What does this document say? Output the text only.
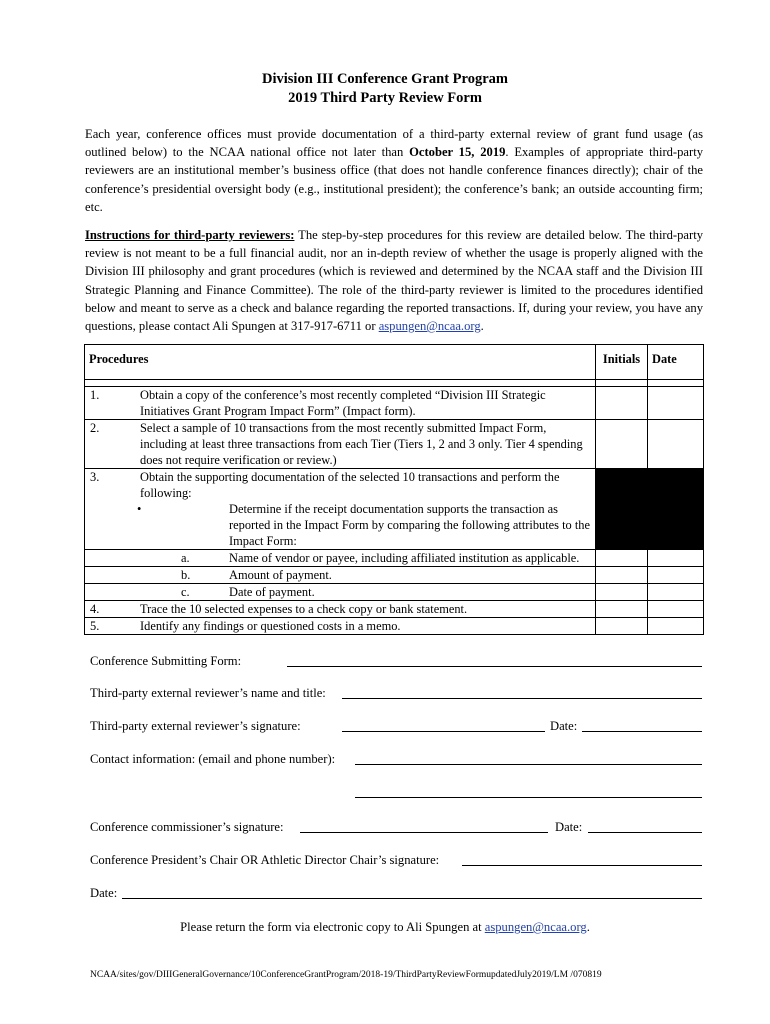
Division III Conference Grant Program
2019 Third Party Review Form
Each year, conference offices must provide documentation of a third-party external review of grant fund usage (as outlined below) to the NCAA national office not later than October 15, 2019. Examples of appropriate third-party reviewers are an institutional member’s business office (that does not handle conference finances directly); chair of the conference’s presidential oversight body (e.g., institutional president); the conference’s bank; an outside accounting firm; etc.
Instructions for third-party reviewers: The step-by-step procedures for this review are detailed below. The third-party review is not meant to be a full financial audit, nor an in-depth review of whether the usage is properly aligned with the Division III philosophy and grant procedures (which is reviewed and determined by the NCAA staff and the Division III Strategic Planning and Finance Committee). The role of the third-party reviewer is limited to the procedures identified below and meant to serve as a check and balance regarding the reported transactions. If, during your review, you have any questions, please contact Ali Spungen at 317-917-6711 or aspungen@ncaa.org.
Procedures	Initials	Date

1. Obtain a copy of the conference’s most recently completed “Division III Strategic Initiatives Grant Program Impact Form” (Impact form).		

2. Select a sample of 10 transactions from the most recently submitted Impact Form, including at least three transactions from each Tier (Tiers 1, 2 and 3 only. Tier 4 spending does not require verification or review.)		

3. Obtain the supporting documentation of the selected 10 transactions and perform the following:		

• Determine if the receipt documentation supports the transaction as reported in the Impact Form by comparing the following attributes to the Impact Form:		

a. Name of vendor or payee, including affiliated institution as applicable.		

b. Amount of payment.		

c. Date of payment.		

4. Trace the 10 selected expenses to a check copy or bank statement.		

5. Identify any findings or questioned costs in a memo.		

Conference Submitting Form:
Third-party external reviewer’s name and title:
Third-party external reviewer’s signature:	Date:
Contact information: (email and phone number):
Conference commissioner’s signature:	Date:
Conference President’s Chair OR Athletic Director Chair’s signature:
Date:
Please return the form via electronic copy to Ali Spungen at aspungen@ncaa.org.
NCAA/sites/gov/DIIIGeneralGovernance/10ConferenceGrantProgram/2018-19/ThirdPartyReviewFormupdatedJuly2019/LM /070819
